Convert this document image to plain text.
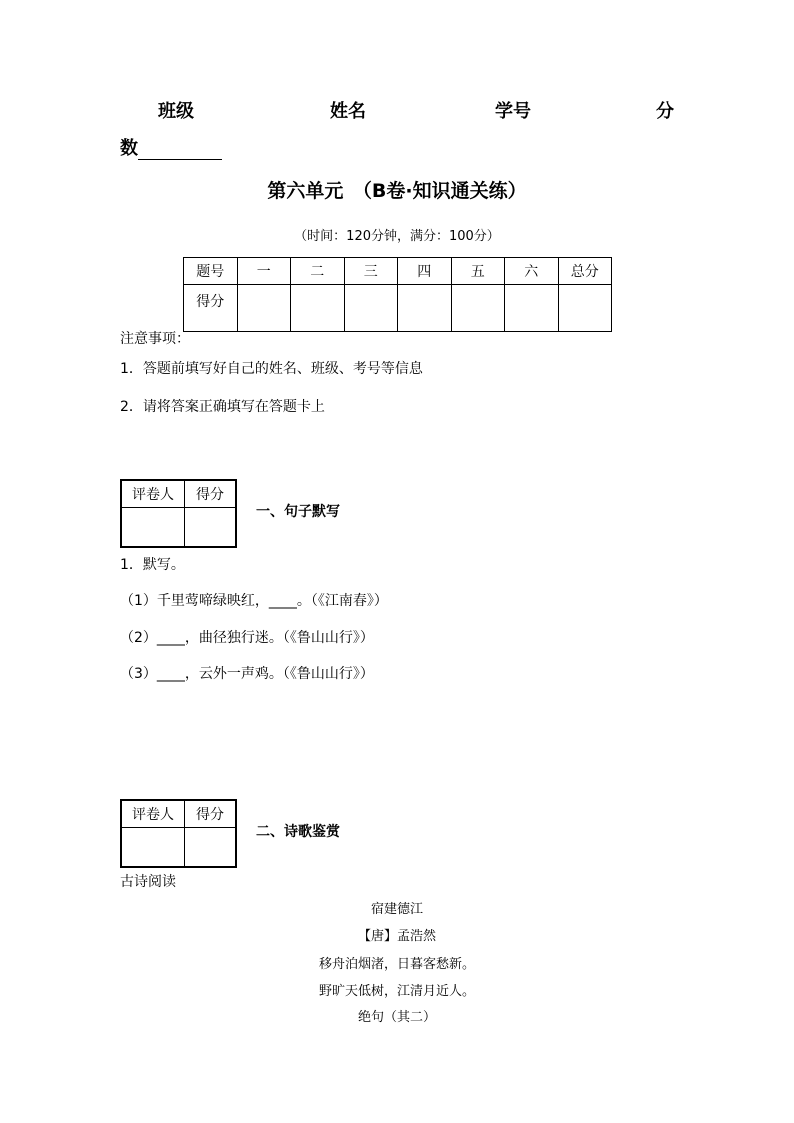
班级	姓名	学号	分
数
第六单元　（B卷·知识通关练）
（时间：120分钟，满分：100分）
题号	一	二	三	四	五	六	总分
得分							
注意事项：
1．答题前填写好自己的姓名、班级、考号等信息
2．请将答案正确填写在答题卡上
评卷人	得分

一、句子默写
1．默写。
（1）千里莺啼绿映红，____。（《江南春》）
（2）____，曲径独行迷。（《鲁山山行》）
（3）____，云外一声鸡。（《鲁山山行》）
评卷人	得分

二、诗歌鉴赏
古诗阅读
宿建德江
【唐】孟浩然
移舟泊烟渚，日暮客愁新。
野旷天低树，江清月近人。
绝句（其二）
